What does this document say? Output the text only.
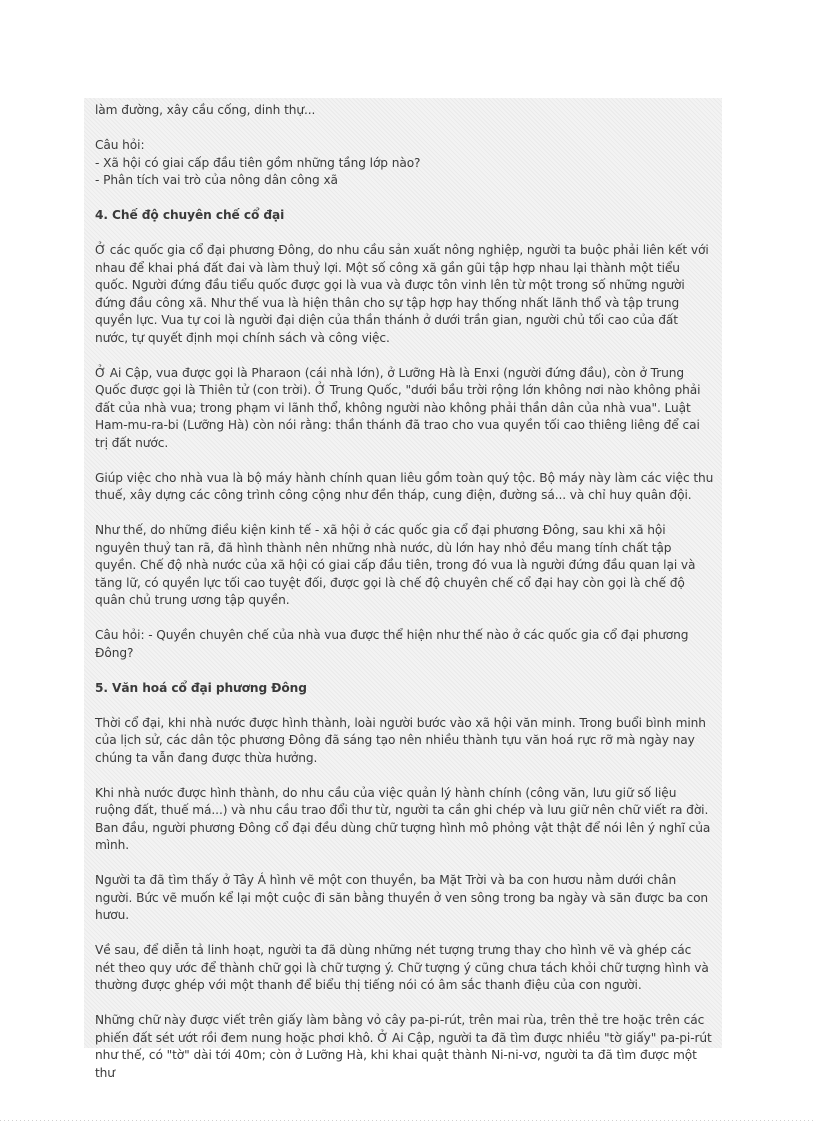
làm đường, xây cầu cống, dinh thự...

Câu hỏi:
- Xã hội có giai cấp đầu tiên gồm những tầng lớp nào?
- Phân tích vai trò của nông dân công xã

4. Chế độ chuyên chế cổ đại

Ở các quốc gia cổ đại phương Đông, do nhu cầu sản xuất nông nghiệp, người ta buộc phải liên kết với nhau để khai phá đất đai và làm thuỷ lợi. Một số công xã gần gũi tập hợp nhau lại thành một tiểu quốc. Người đứng đầu tiểu quốc được gọi là vua và được tôn vinh lên từ một trong số những người đứng đầu công xã. Như thế vua là hiện thân cho sự tập hợp hay thống nhất lãnh thổ và tập trung quyền lực. Vua tự coi là người đại diện của thần thánh ở dưới trần gian, người chủ tối cao của đất nước, tự quyết định mọi chính sách và công việc.

Ở Ai Cập, vua được gọi là Pharaon (cái nhà lớn), ở Lưỡng Hà là Enxi (người đứng đầu), còn ở Trung Quốc được gọi là Thiên tử (con trời). Ở Trung Quốc, "dưới bầu trời rộng lớn không nơi nào không phải đất của nhà vua; trong phạm vi lãnh thổ, không người nào không phải thần dân của nhà vua". Luật Ham-mu-ra-bi (Lưỡng Hà) còn nói rằng: thần thánh đã trao cho vua quyền tối cao thiêng liêng để cai trị đất nước.

Giúp việc cho nhà vua là bộ máy hành chính quan liêu gồm toàn quý tộc. Bộ máy này làm các việc thu thuế, xây dựng các công trình công cộng như đền tháp, cung điện, đường sá... và chỉ huy quân đội.

Như thế, do những điều kiện kinh tế - xã hội ở các quốc gia cổ đại phương Đông, sau khi xã hội nguyên thuỷ tan rã, đã hình thành nên những nhà nước, dù lớn hay nhỏ đều mang tính chất tập quyền. Chế độ nhà nước của xã hội có giai cấp đầu tiên, trong đó vua là người đứng đầu quan lại và tăng lữ, có quyền lực tối cao tuyệt đối, được gọi là chế độ chuyên chế cổ đại hay còn gọi là chế độ quân chủ trung ương tập quyền.

Câu hỏi: - Quyền chuyên chế của nhà vua được thể hiện như thế nào ở các quốc gia cổ đại phương Đông?

5. Văn hoá cổ đại phương Đông

Thời cổ đại, khi nhà nước được hình thành, loài người bước vào xã hội văn minh. Trong buổi bình minh của lịch sử, các dân tộc phương Đông đã sáng tạo nên nhiều thành tựu văn hoá rực rỡ mà ngày nay chúng ta vẫn đang được thừa hưởng.

Khi nhà nước được hình thành, do nhu cầu của việc quản lý hành chính (công văn, lưu giữ số liệu ruộng đất, thuế má...) và nhu cầu trao đổi thư từ, người ta cần ghi chép và lưu giữ nên chữ viết ra đời. Ban đầu, người phương Đông cổ đại đều dùng chữ tượng hình mô phỏng vật thật để nói lên ý nghĩ của mình.

Người ta đã tìm thấy ở Tây Á hình vẽ một con thuyền, ba Mặt Trời và ba con hươu nằm dưới chân người. Bức vẽ muốn kể lại một cuộc đi săn bằng thuyền ở ven sông trong ba ngày và săn được ba con hươu.

Về sau, để diễn tả linh hoạt, người ta đã dùng những nét tượng trưng thay cho hình vẽ và ghép các nét theo quy ước để thành chữ gọi là chữ tượng ý. Chữ tượng ý cũng chưa tách khỏi chữ tượng hình và thường được ghép với một thanh để biểu thị tiếng nói có âm sắc thanh điệu của con người.

Những chữ này được viết trên giấy làm bằng vỏ cây pa-pi-rút, trên mai rùa, trên thẻ tre hoặc trên các phiến đất sét ướt rồi đem nung hoặc phơi khô. Ở Ai Cập, người ta đã tìm được nhiều "tờ giấy" pa-pi-rút như thế, có "tờ" dài tới 40m; còn ở Lưỡng Hà, khi khai quật thành Ni-ni-vơ, người ta đã tìm được một thư
